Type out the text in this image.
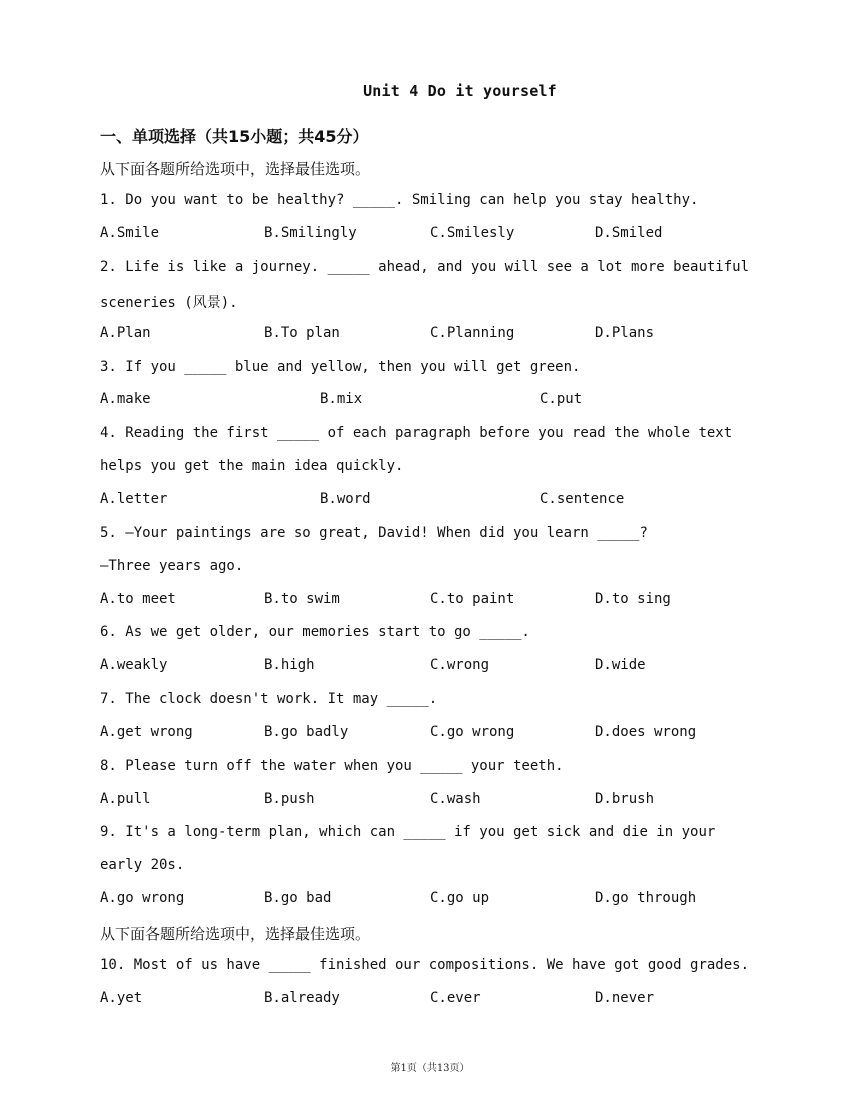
Unit 4 Do it yourself
一、单项选择（共15小题；共45分）
从下面各题所给选项中，选择最佳选项。
1. Do you want to be healthy? _____. Smiling can help you stay healthy.
A.Smile	B.Smilingly	C.Smilesly	D.Smiled
2. Life is like a journey. _____ ahead, and you will see a lot more beautiful
sceneries (风景).
A.Plan	B.To plan	C.Planning	D.Plans
3. If you _____ blue and yellow, then you will get green.
A.make	B.mix	C.put
4. Reading the first _____ of each paragraph before you read the whole text
helps you get the main idea quickly.
A.letter	B.word	C.sentence
5. —Your paintings are so great, David! When did you learn _____?
—Three years ago.
A.to meet	B.to swim	C.to paint	D.to sing
6. As we get older, our memories start to go _____.
A.weakly	B.high	C.wrong	D.wide
7. The clock doesn't work. It may _____.
A.get wrong	B.go badly	C.go wrong	D.does wrong
8. Please turn off the water when you _____ your teeth.
A.pull	B.push	C.wash	D.brush
9. It's a long-term plan, which can _____ if you get sick and die in your
early 20s.
A.go wrong	B.go bad	C.go up	D.go through
从下面各题所给选项中，选择最佳选项。
10. Most of us have _____ finished our compositions. We have got good grades.
A.yet	B.already	C.ever	D.never
第1页（共13页）
